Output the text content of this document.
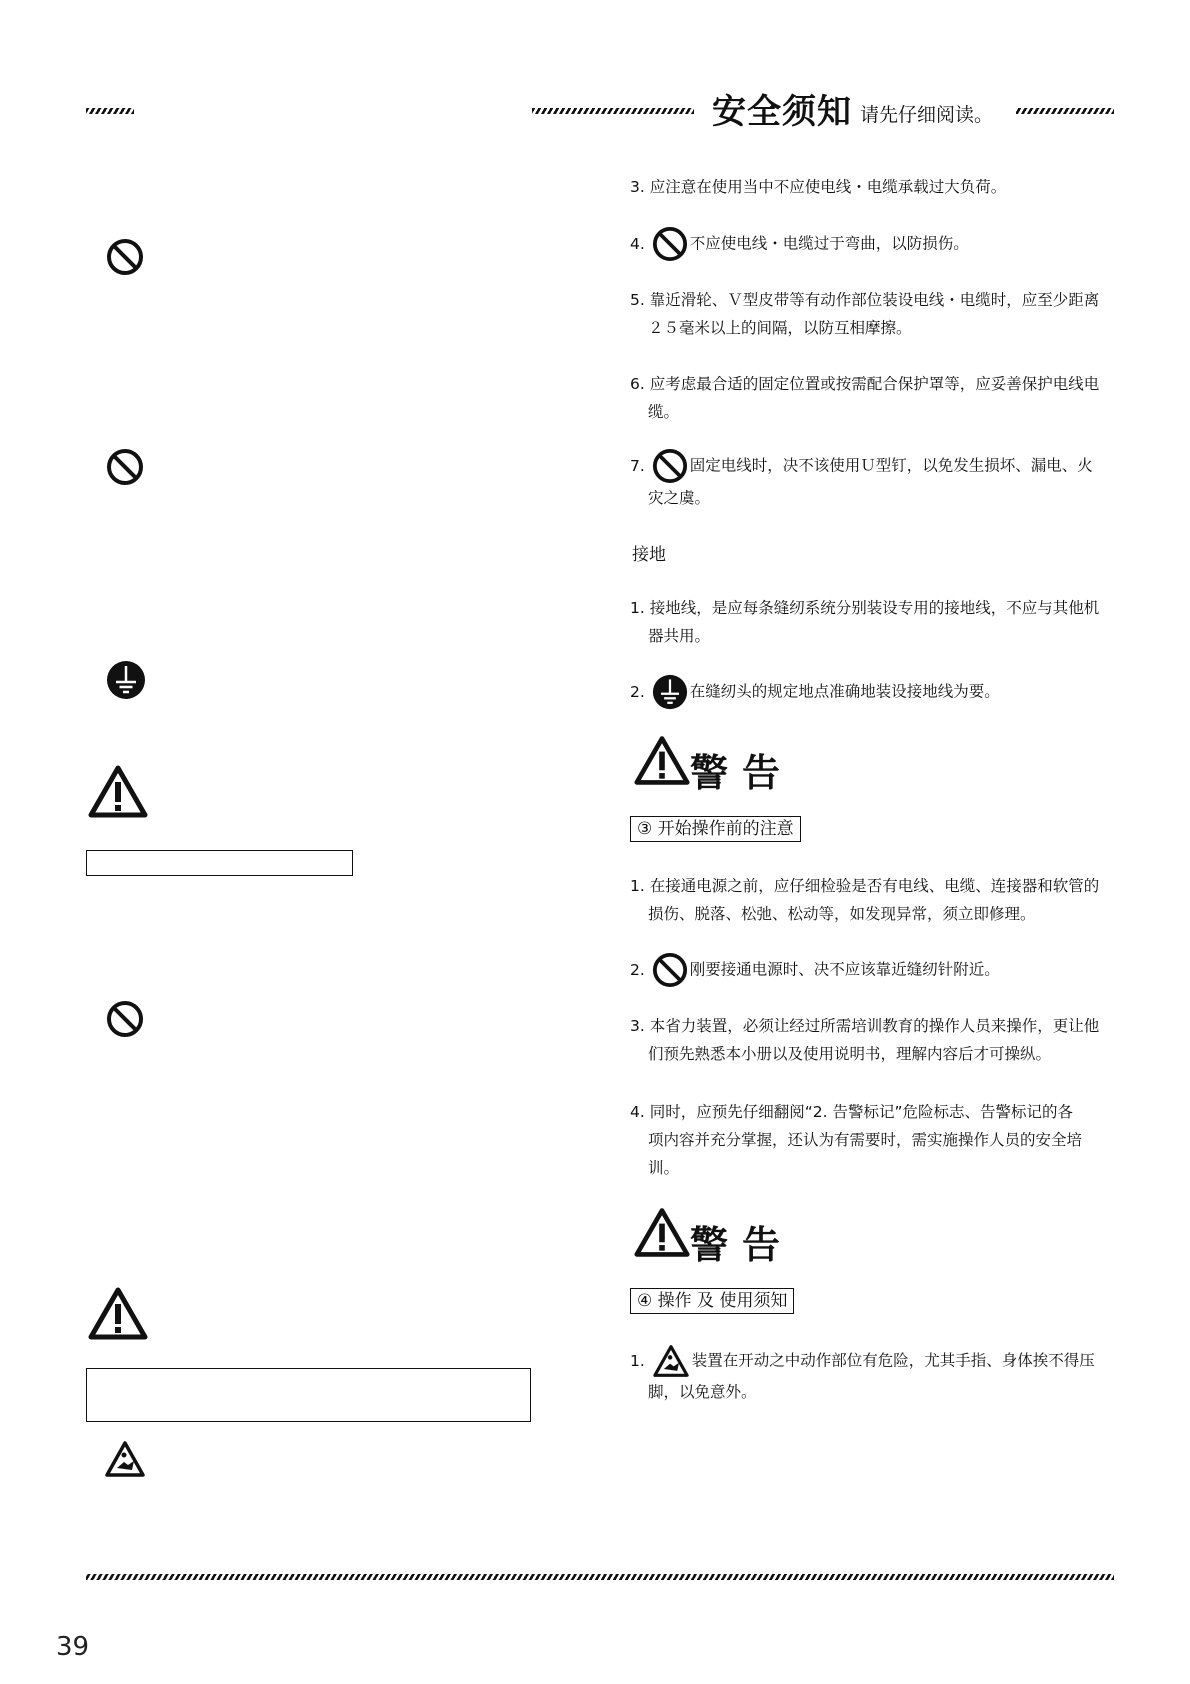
安全须知 请先仔细阅读。
3. 应注意在使用当中不应使电线・电缆承载过大负荷。
4.	不应使电线・电缆过于弯曲，以防损伤。
5. 靠近滑轮、Ｖ型皮带等有动作部位装设电线・电缆时，应至少距离
２５毫米以上的间隔，以防互相摩擦。
6. 应考虑最合适的固定位置或按需配合保护罩等，应妥善保护电线电
缆。
7.	固定电线时，决不该使用Ｕ型钉，以免发生损坏、漏电、火
灾之虞。
接地
1. 接地线，是应每条缝纫系统分别装设专用的接地线，不应与其他机
器共用。
2.	在缝纫头的规定地点准确地装设接地线为要。
警告
③ 开始操作前的注意
1. 在接通电源之前，应仔细检验是否有电线、电缆、连接器和软管的
损伤、脱落、松弛、松动等，如发现异常，须立即修理。
2.	刚要接通电源时、决不应该靠近缝纫针附近。
3. 本省力装置，必须让经过所需培训教育的操作人员来操作，更让他
们预先熟悉本小册以及使用说明书，理解内容后才可操纵。
4. 同时，应预先仔细翻阅“2. 告警标记”危险标志、告警标记的各
项内容并充分掌握，还认为有需要时，需实施操作人员的安全培
训。
警告
④ 操作 及 使用须知
1.	装置在开动之中动作部位有危险，尤其手指、身体挨不得压
脚，以免意外。
39
